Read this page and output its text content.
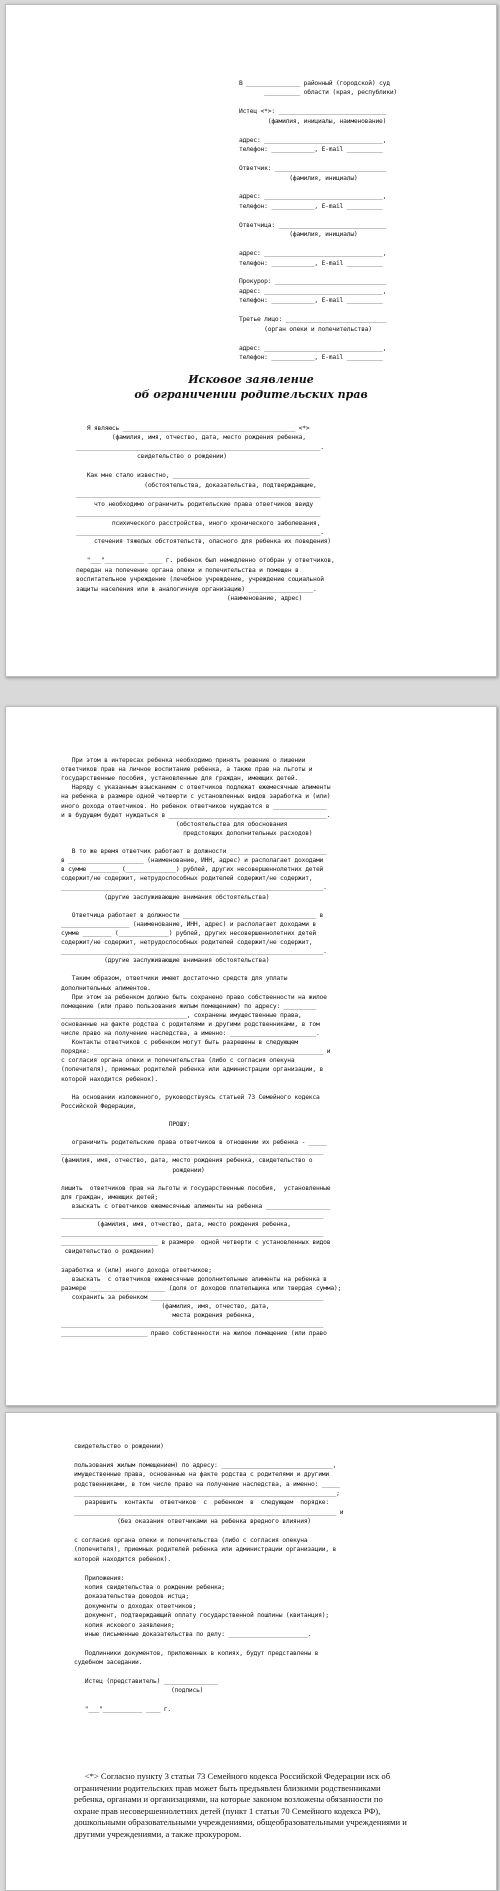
В _______________ районный (городской) суд
__________ области (края, республики)
Истец <*>: ______________________________
(фамилия, инициалы, наименование)
адрес: _________________________________,
телефон: ____________, E-mail __________
Ответчик: _______________________________
(фамилия, инициалы)
адрес: _________________________________,
телефон: ____________, E-mail __________
Ответчица: ______________________________
(фамилия, инициалы)
адрес: _________________________________,
телефон: ____________, E-mail __________
Прокурор: _______________________________
адрес: _________________________________,
телефон: ____________, E-mail __________
Третье лицо: ____________________________
(орган опеки и попечительства)
адрес: _________________________________,
телефон: ____________, E-mail __________
Исковое заявление
об ограничении родительских прав
Я являюсь ________________________________________________ <*>
(фамилия, имя, отчество, дата, место рождения ребенка,
____________________________________________________________________.
свидетельство о рождении)
Как мне стало известно, ______________________________________
(обстоятельства, доказательства, подтверждающие,
____________________________________________________________________
что необходимо ограничить родительские права ответчиков ввиду
____________________________________________________________________
психического расстройства, иного хронического заболевания,
____________________________________________________________________.
стечения тяжелых обстоятельств, опасного для ребенка их поведения)
"___"___________ ____ г. ребенок был немедленно отобран у ответчиков,
передан на попечение органа опеки и попечительства и помещен в
воспитательное учреждение (лечебное учреждение, учреждение социальной
защиты населения или в аналогичную организацию) __________________.
(наименование, адрес)
При этом в интересах ребенка необходимо принять решение о лишении
ответчиков прав на личное воспитание ребенка, а также прав на льготы и
государственные пособия, установленные для граждан, имеющих детей.
Наряду с указанным взысканием с ответчиков подлежат ежемесячные алименты
на ребенка в размере одной четверти с установленных видов заработка и (или)
иного дохода ответчиков. Но ребенок ответчиков нуждается в _______________
и в будущем будет нуждаться в ____________________________________________.
(обстоятельства для обоснования
предстоящих дополнительных расходов)
В то же время ответчик работает в должности ___________________________
в _____________________ (наименование, ИНН, адрес) и располагает доходами
в сумме ________ (______________) рублей, других несовершеннолетних детей
содержит/не содержит, нетрудоспособных родителей содержит/не содержит,
_________________________________________________________________________.
(другие заслуживающие внимания обстоятельства)
Ответчица работает в должности _____________________________________ в
___________________ (наименование, ИНН, адрес) и располагает доходами в
сумме ________ (______________) рублей, других несовершеннолетних детей
содержит/не содержит, нетрудоспособных родителей содержит/не содержит,
_________________________________________________________________________.
(другие заслуживающие внимания обстоятельства)
Таким образом, ответчики имеют достаточно средств для уплаты
дополнительных алиментов.
При этом за ребенком должно быть сохранено право собственности на жилое
помещение (или право пользования жилым помещением) по адресу: _________
___________________________________, сохранены имущественные права,
основанные на факте родства с родителями и другими родственниками, в том
числе право на получение наследства, а именно: ________________________.
Контакты ответчиков с ребенком могут быть разрешены в следующем
порядке: ________________________________________________________________ и
с согласия органа опеки и попечительства (либо с согласия опекуна
(попечителя), приемных родителей ребенка или администрации организации, в
которой находится ребенок).
На основании изложенного, руководствуясь статьей 73 Семейного кодекса
Российской Федерации,
ПРОШУ:
ограничить родительские права ответчиков в отношении их ребенка - _____
_________________________________________________________________________
(фамилия, имя, отчество, дата, место рождения ребенка, свидетельство о
рождении)
лишить  ответчиков прав на льготы и государственные пособия,  установленные
для граждан, имеющих детей;
взыскать с ответчиков ежемесячные алименты на ребенка __________________
_________________________________________________________________________
(фамилия, имя, отчество, дата, место рождения ребенка,
_________________________________________________________________________
___________________________ в размере  одной четверти с установленных видов
свидетельство о рождении)
заработка и (или) иного дохода ответчиков;
взыскать  с ответчиков ежемесячные дополнительные алименты на ребенка в
размере _____________________ (доля от доходов плательщика или твердая сумма);
сохранить за ребенком ________________________________________________
(фамилия, имя, отчество, дата,
места рождения ребенка,
_________________________________________________________________________
________________________ право собственности на жилое помещение (или право
свидетельство о рождении)
пользования жилым помещением) по адресу: _______________________________,
имущественные права, основанные на факте родства с родителями и другими
родственниками, в том числе право на получение наследства, а именно: _____
_________________________________________________________________________;
разрешить  контакты  ответчиков  с  ребенком  в  следующем  порядке:
_________________________________________________________________________ и
(без оказания ответчиками на ребенка вредного влияния)
с согласия органа опеки и попечительства (либо с согласия опекуна
(попечителя), приемных родителей ребенка или администрации организации, в
которой находится ребенок).
Приложения:
копия свидетельства о рождении ребенка;
доказательства доводов истца;
документы о доходах ответчиков;
документ, подтверждающий оплату государственной пошлины (квитанция);
копия искового заявления;
иные письменные доказательства по делу: ______________________.
Подлинники документов, приложенных в копиях, будут представлены в
судебном заседании.
Истец (представитель) _______________
(подпись)
"___"___________ ____ г.
<*> Согласно пункту 3 статьи 73 Семейного кодекса Российской Федерации иск об
ограничении родительских прав может быть предъявлен близкими родственниками
ребенка, органами и организациями, на которые законом возложены обязанности по
охране прав несовершеннолетних детей (пункт 1 статьи 70 Семейного кодекса РФ),
дошкольными образовательными учреждениями, общеобразовательными учреждениями и
другими учреждениями, а также прокурором.
